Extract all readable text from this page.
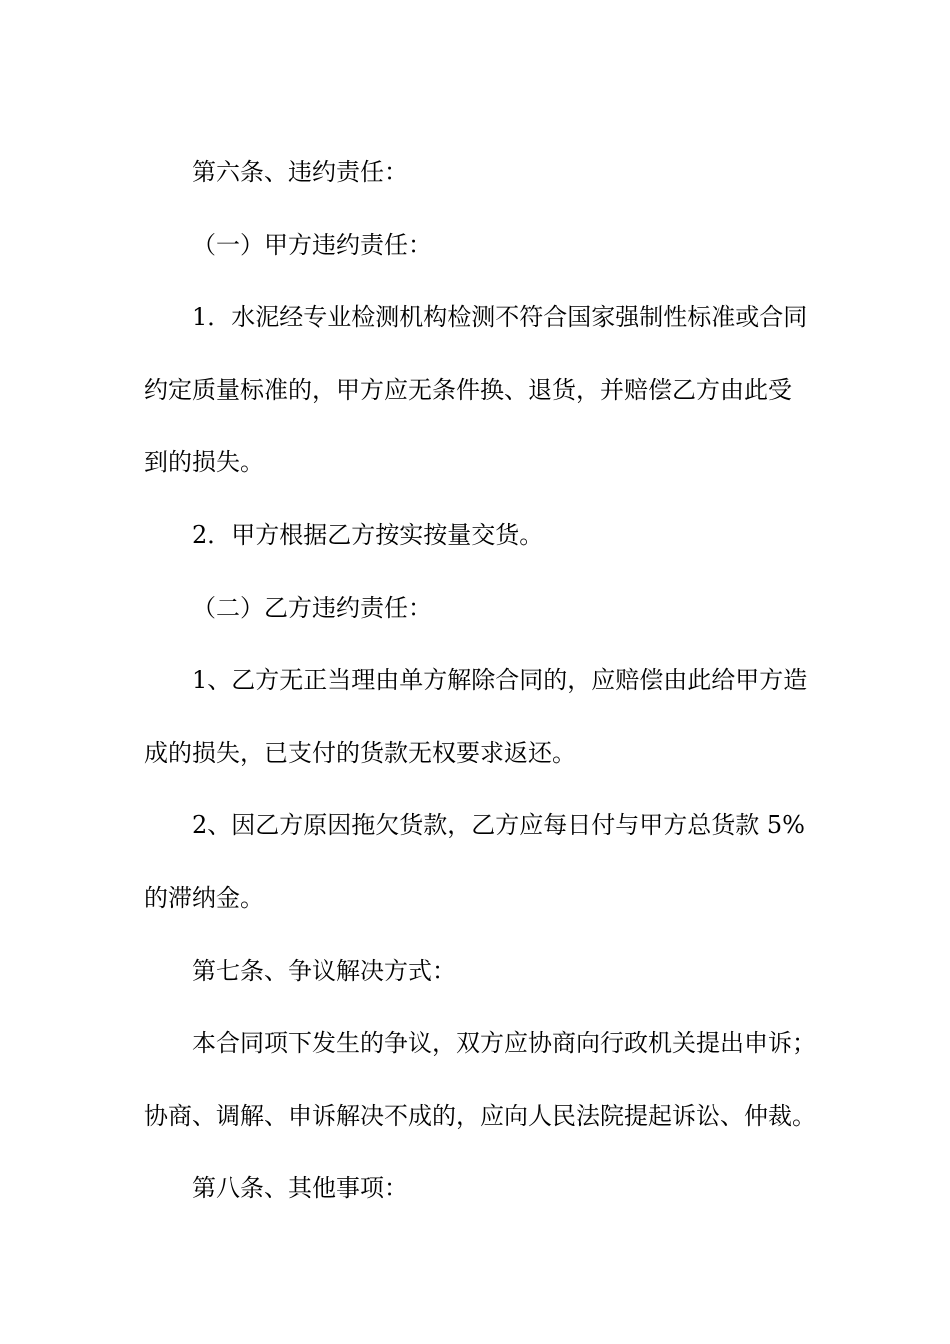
第六条、违约责任：

（一）甲方违约责任：

1．水泥经专业检测机构检测不符合国家强制性标准或合同

约定质量标准的，甲方应无条件换、退货，并赔偿乙方由此受

到的损失。

2．甲方根据乙方按实按量交货。

（二）乙方违约责任：

1、乙方无正当理由单方解除合同的，应赔偿由此给甲方造

成的损失，已支付的货款无权要求返还。

2、因乙方原因拖欠货款，乙方应每日付与甲方总货款 5%

的滞纳金。

第七条、争议解决方式：

本合同项下发生的争议，双方应协商向行政机关提出申诉；

协商、调解、申诉解决不成的，应向人民法院提起诉讼、仲裁。

第八条、其他事项：
